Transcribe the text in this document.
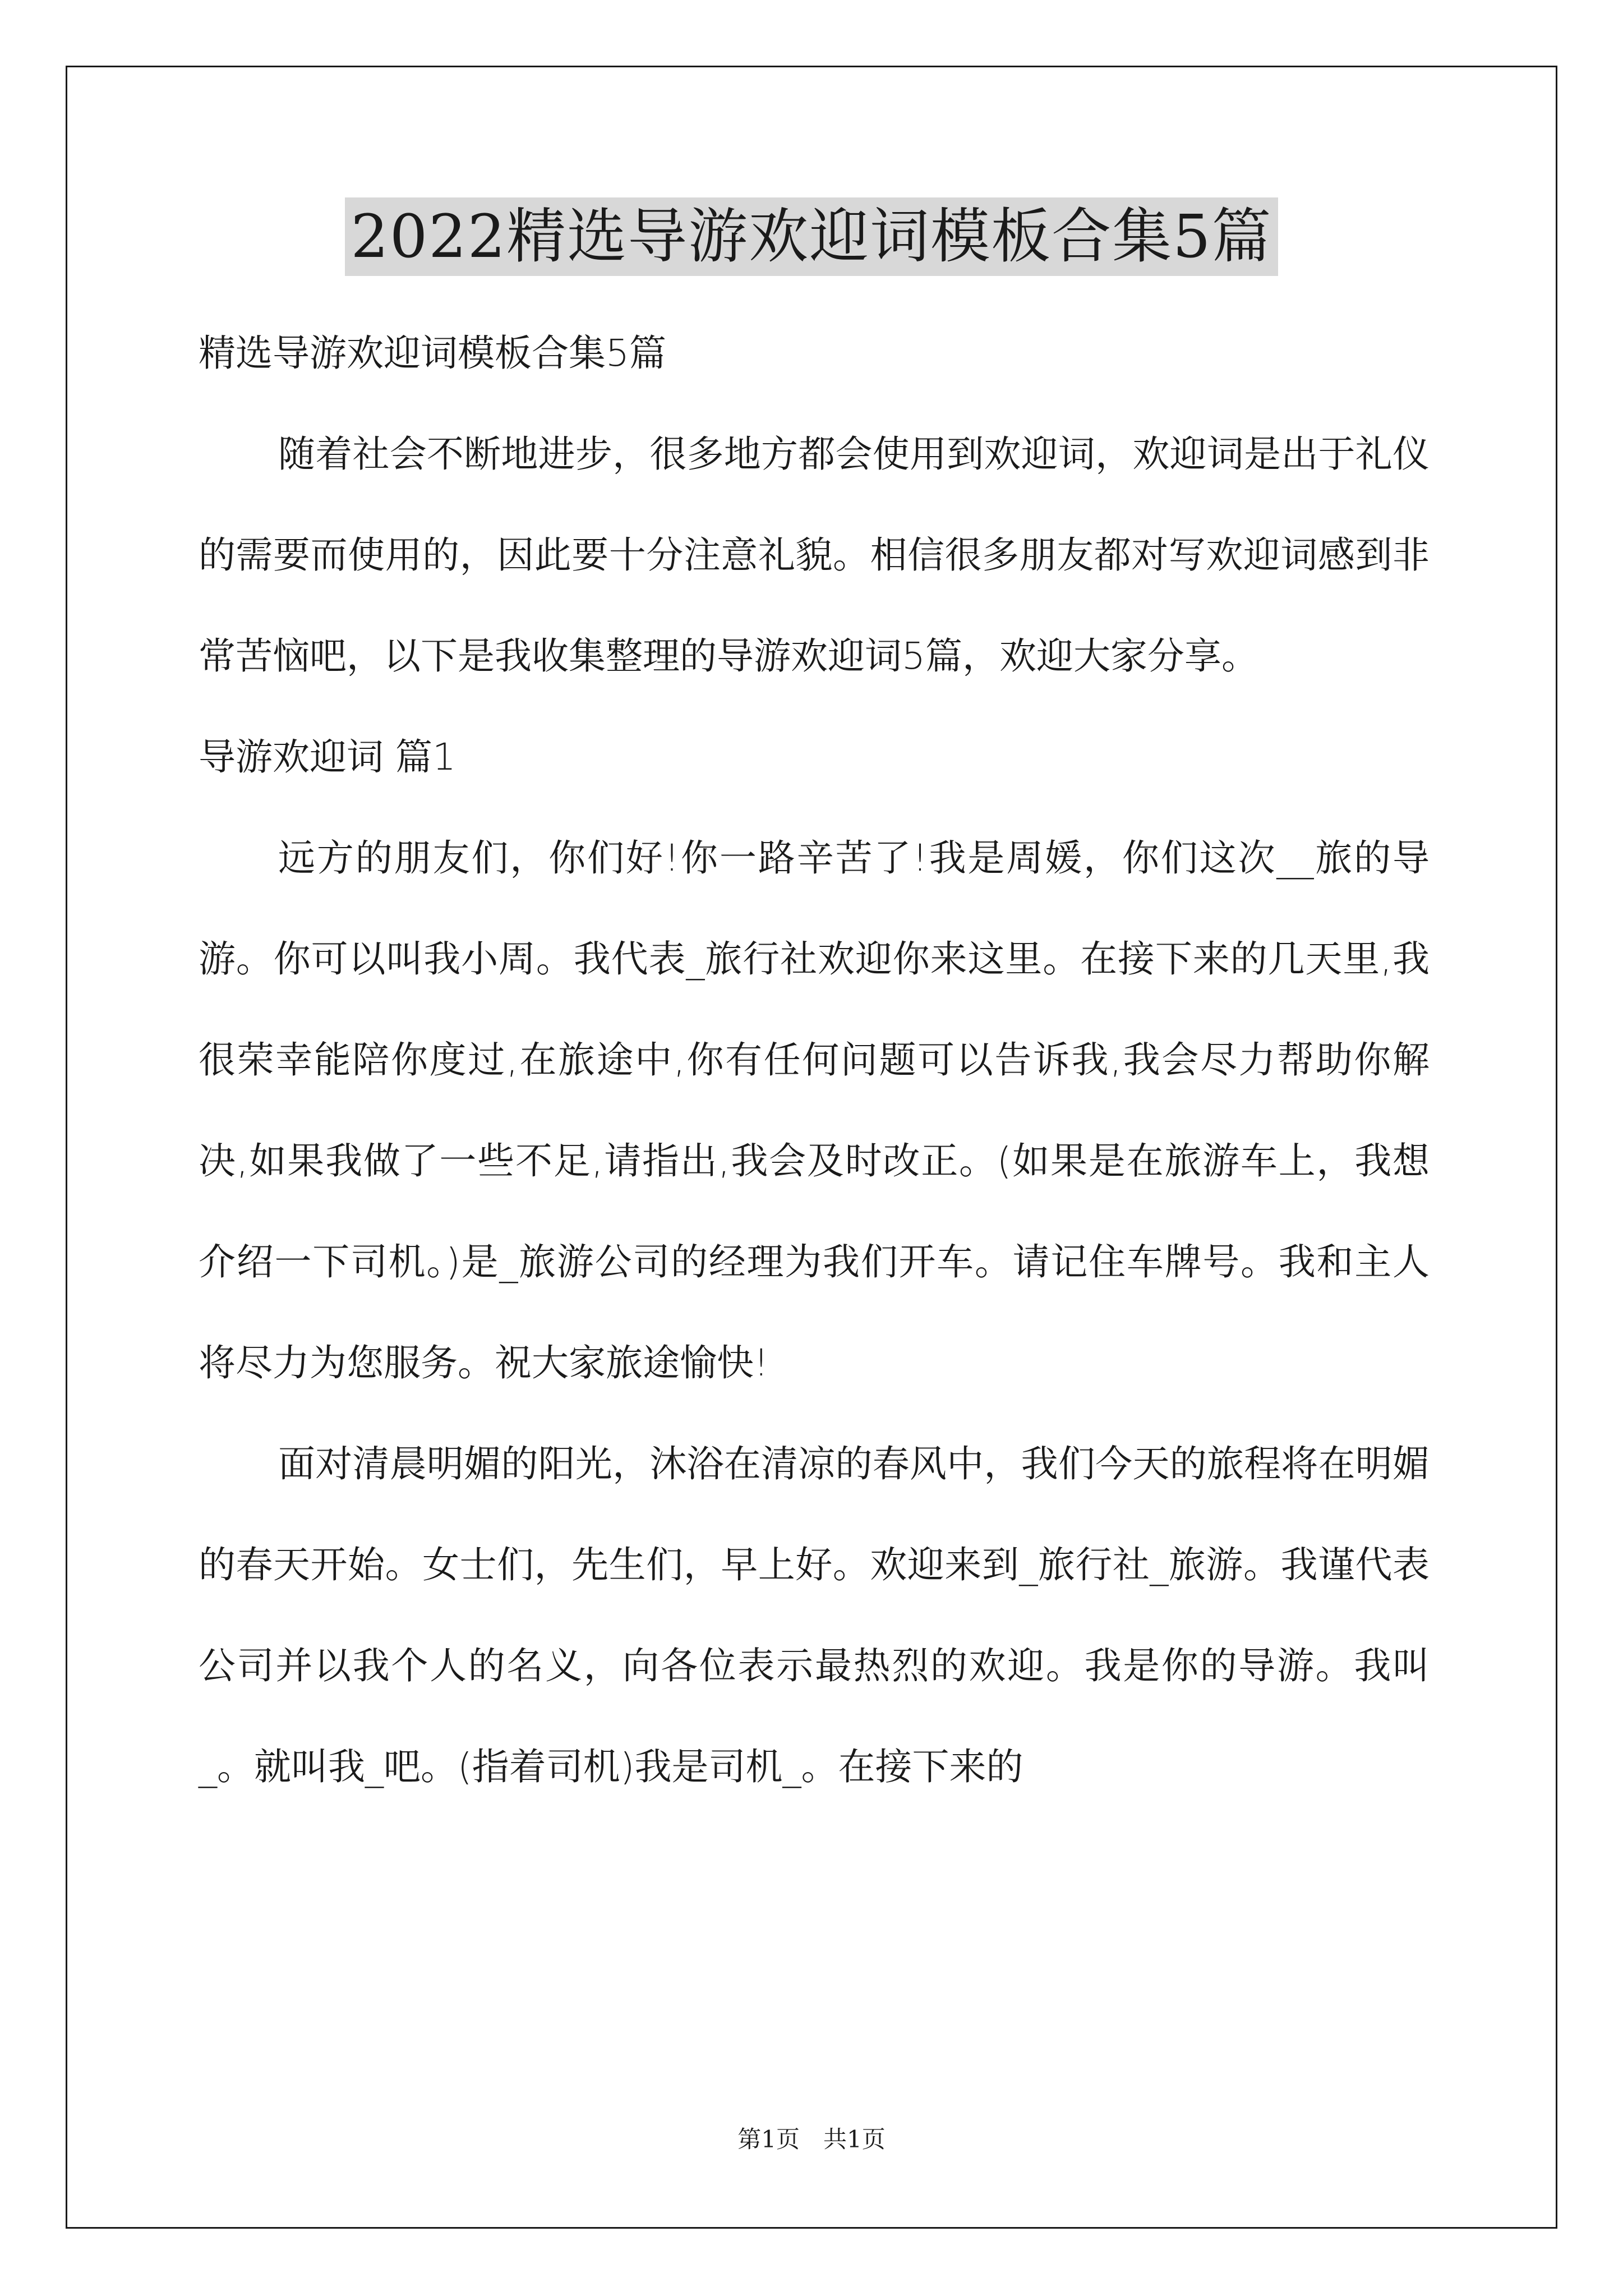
2022精选导游欢迎词模板合集5篇

精选导游欢迎词模板合集5篇

随着社会不断地进步，很多地方都会使用到欢迎词，欢迎词是出于礼仪的需要而使用的，因此要十分注意礼貌。相信很多朋友都对写欢迎词感到非常苦恼吧，以下是我收集整理的导游欢迎词5篇，欢迎大家分享。

导游欢迎词 篇1

远方的朋友们，你们好!你一路辛苦了!我是周媛，你们这次__旅的导游。你可以叫我小周。我代表_旅行社欢迎你来这里。在接下来的几天里,我很荣幸能陪你度过,在旅途中,你有任何问题可以告诉我,我会尽力帮助你解决,如果我做了一些不足,请指出,我会及时改正。(如果是在旅游车上，我想介绍一下司机。)是_旅游公司的经理为我们开车。请记住车牌号。我和主人将尽力为您服务。祝大家旅途愉快!

面对清晨明媚的阳光，沐浴在清凉的春风中，我们今天的旅程将在明媚的春天开始。女士们，先生们，早上好。欢迎来到_旅行社_旅游。我谨代表公司并以我个人的名义，向各位表示最热烈的欢迎。我是你的导游。我叫_。就叫我_吧。(指着司机)我是司机_。在接下来的

第1页　共1页
